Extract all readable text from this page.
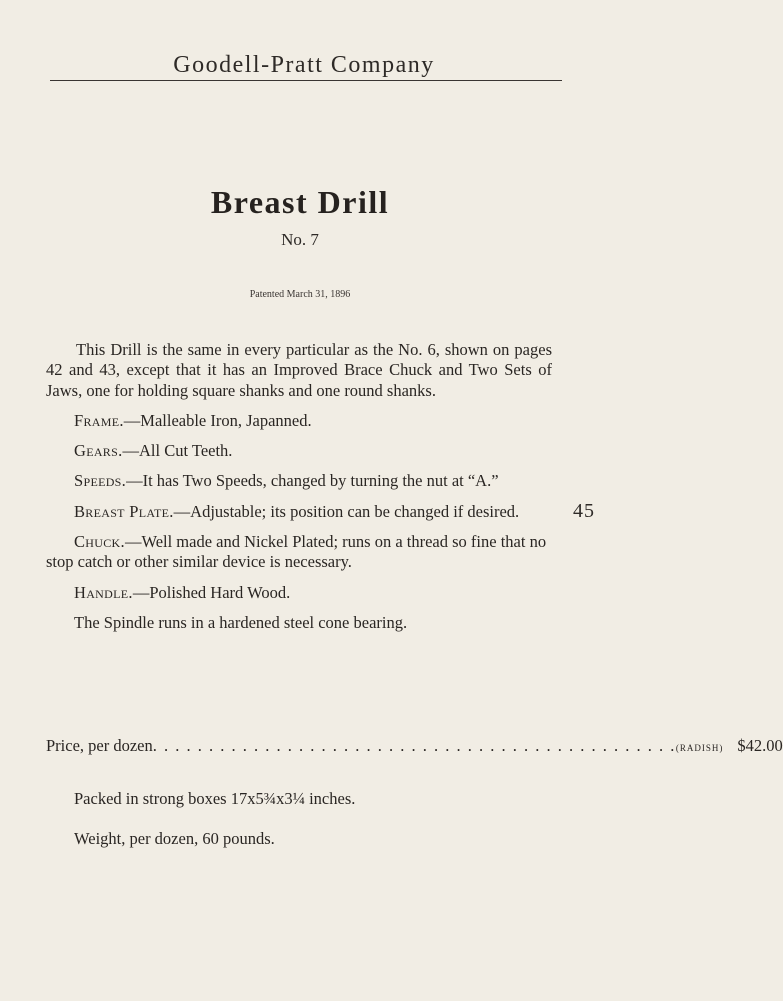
Goodell-Pratt Company
Breast Drill
No. 7
Patented March 31, 1896

This Drill is the same in every particular as the No. 6, shown on pages 42 and 43, except that it has an Improved Brace Chuck and Two Sets of Jaws, one for holding square shanks and one round shanks.

Frame.—Malleable Iron, Japanned.

Gears.—All Cut Teeth.

Speeds.—It has Two Speeds, changed by turning the nut at “A.”

Breast Plate.—Adjustable; its position can be changed if desired.

Chuck.—Well made and Nickel Plated; runs on a thread so fine that no stop catch or other similar device is necessary.

Handle.—Polished Hard Wood.

The Spindle runs in a hardened steel cone bearing.

45
Price, per dozen . . . . . . . . . . . . . . . . . . . . . . . . . . . . . . . . . . . . . . . . . . . . . . . (RADISH) $42.00
Packed in strong boxes 17x5¾x3¼ inches.
Weight, per dozen, 60 pounds.
